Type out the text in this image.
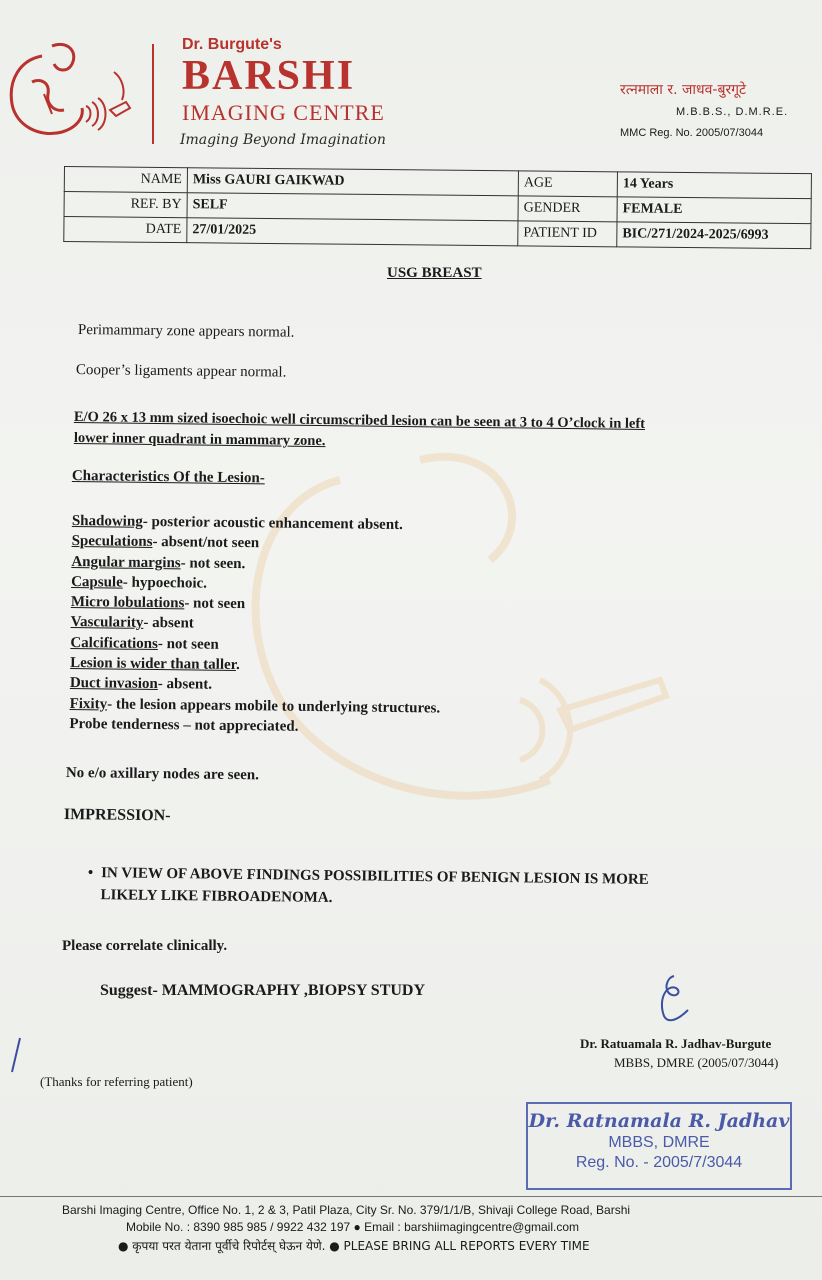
Dr. Burgute's
BARSHI
IMAGING CENTRE
Imaging Beyond Imagination
रत्नमाला र. जाधव-बुरगूटे
M.B.B.S., D.M.R.E.
MMC Reg. No. 2005/07/3044
NAME	Miss GAURI GAIKWAD	AGE	14 Years
REF. BY	SELF	GENDER	FEMALE
DATE	27/01/2025	PATIENT ID	BIC/271/2024-2025/6993
USG BREAST
Perimammary zone appears normal.
Cooper’s ligaments appear normal.
E/O 26 x 13 mm sized isoechoic well circumscribed lesion can be seen at 3 to 4 O’clock in left
lower inner quadrant in mammary zone.
Characteristics Of the Lesion-
Shadowing- posterior acoustic enhancement absent.
Speculations- absent/not seen
Angular margins- not seen.
Capsule- hypoechoic.
Micro lobulations- not seen
Vascularity- absent
Calcifications- not seen
Lesion is wider than taller.
Duct invasion- absent.
Fixity- the lesion appears mobile to underlying structures.
Probe tenderness – not appreciated.
No e/o axillary nodes are seen.
IMPRESSION-
• IN VIEW OF ABOVE FINDINGS POSSIBILITIES OF BENIGN LESION IS MORE
LIKELY LIKE FIBROADENOMA.
Please correlate clinically.
Suggest- MAMMOGRAPHY ,BIOPSY STUDY
Dr. Ratuamala R. Jadhav-Burgute
MBBS, DMRE (2005/07/3044)
(Thanks for referring patient)
Dr. Ratnamala R. Jadhav
MBBS, DMRE
Reg. No. - 2005/7/3044
Barshi Imaging Centre, Office No. 1, 2 & 3, Patil Plaza, City Sr. No. 379/1/1/B, Shivaji College Road, Barshi
Mobile No. : 8390 985 985 / 9922 432 197 ● Email : barshiimagingcentre@gmail.com
● कृपया परत येताना पूर्वीचे रिपोर्टस् घेऊन येणे. ● PLEASE BRING ALL REPORTS EVERY TIME
